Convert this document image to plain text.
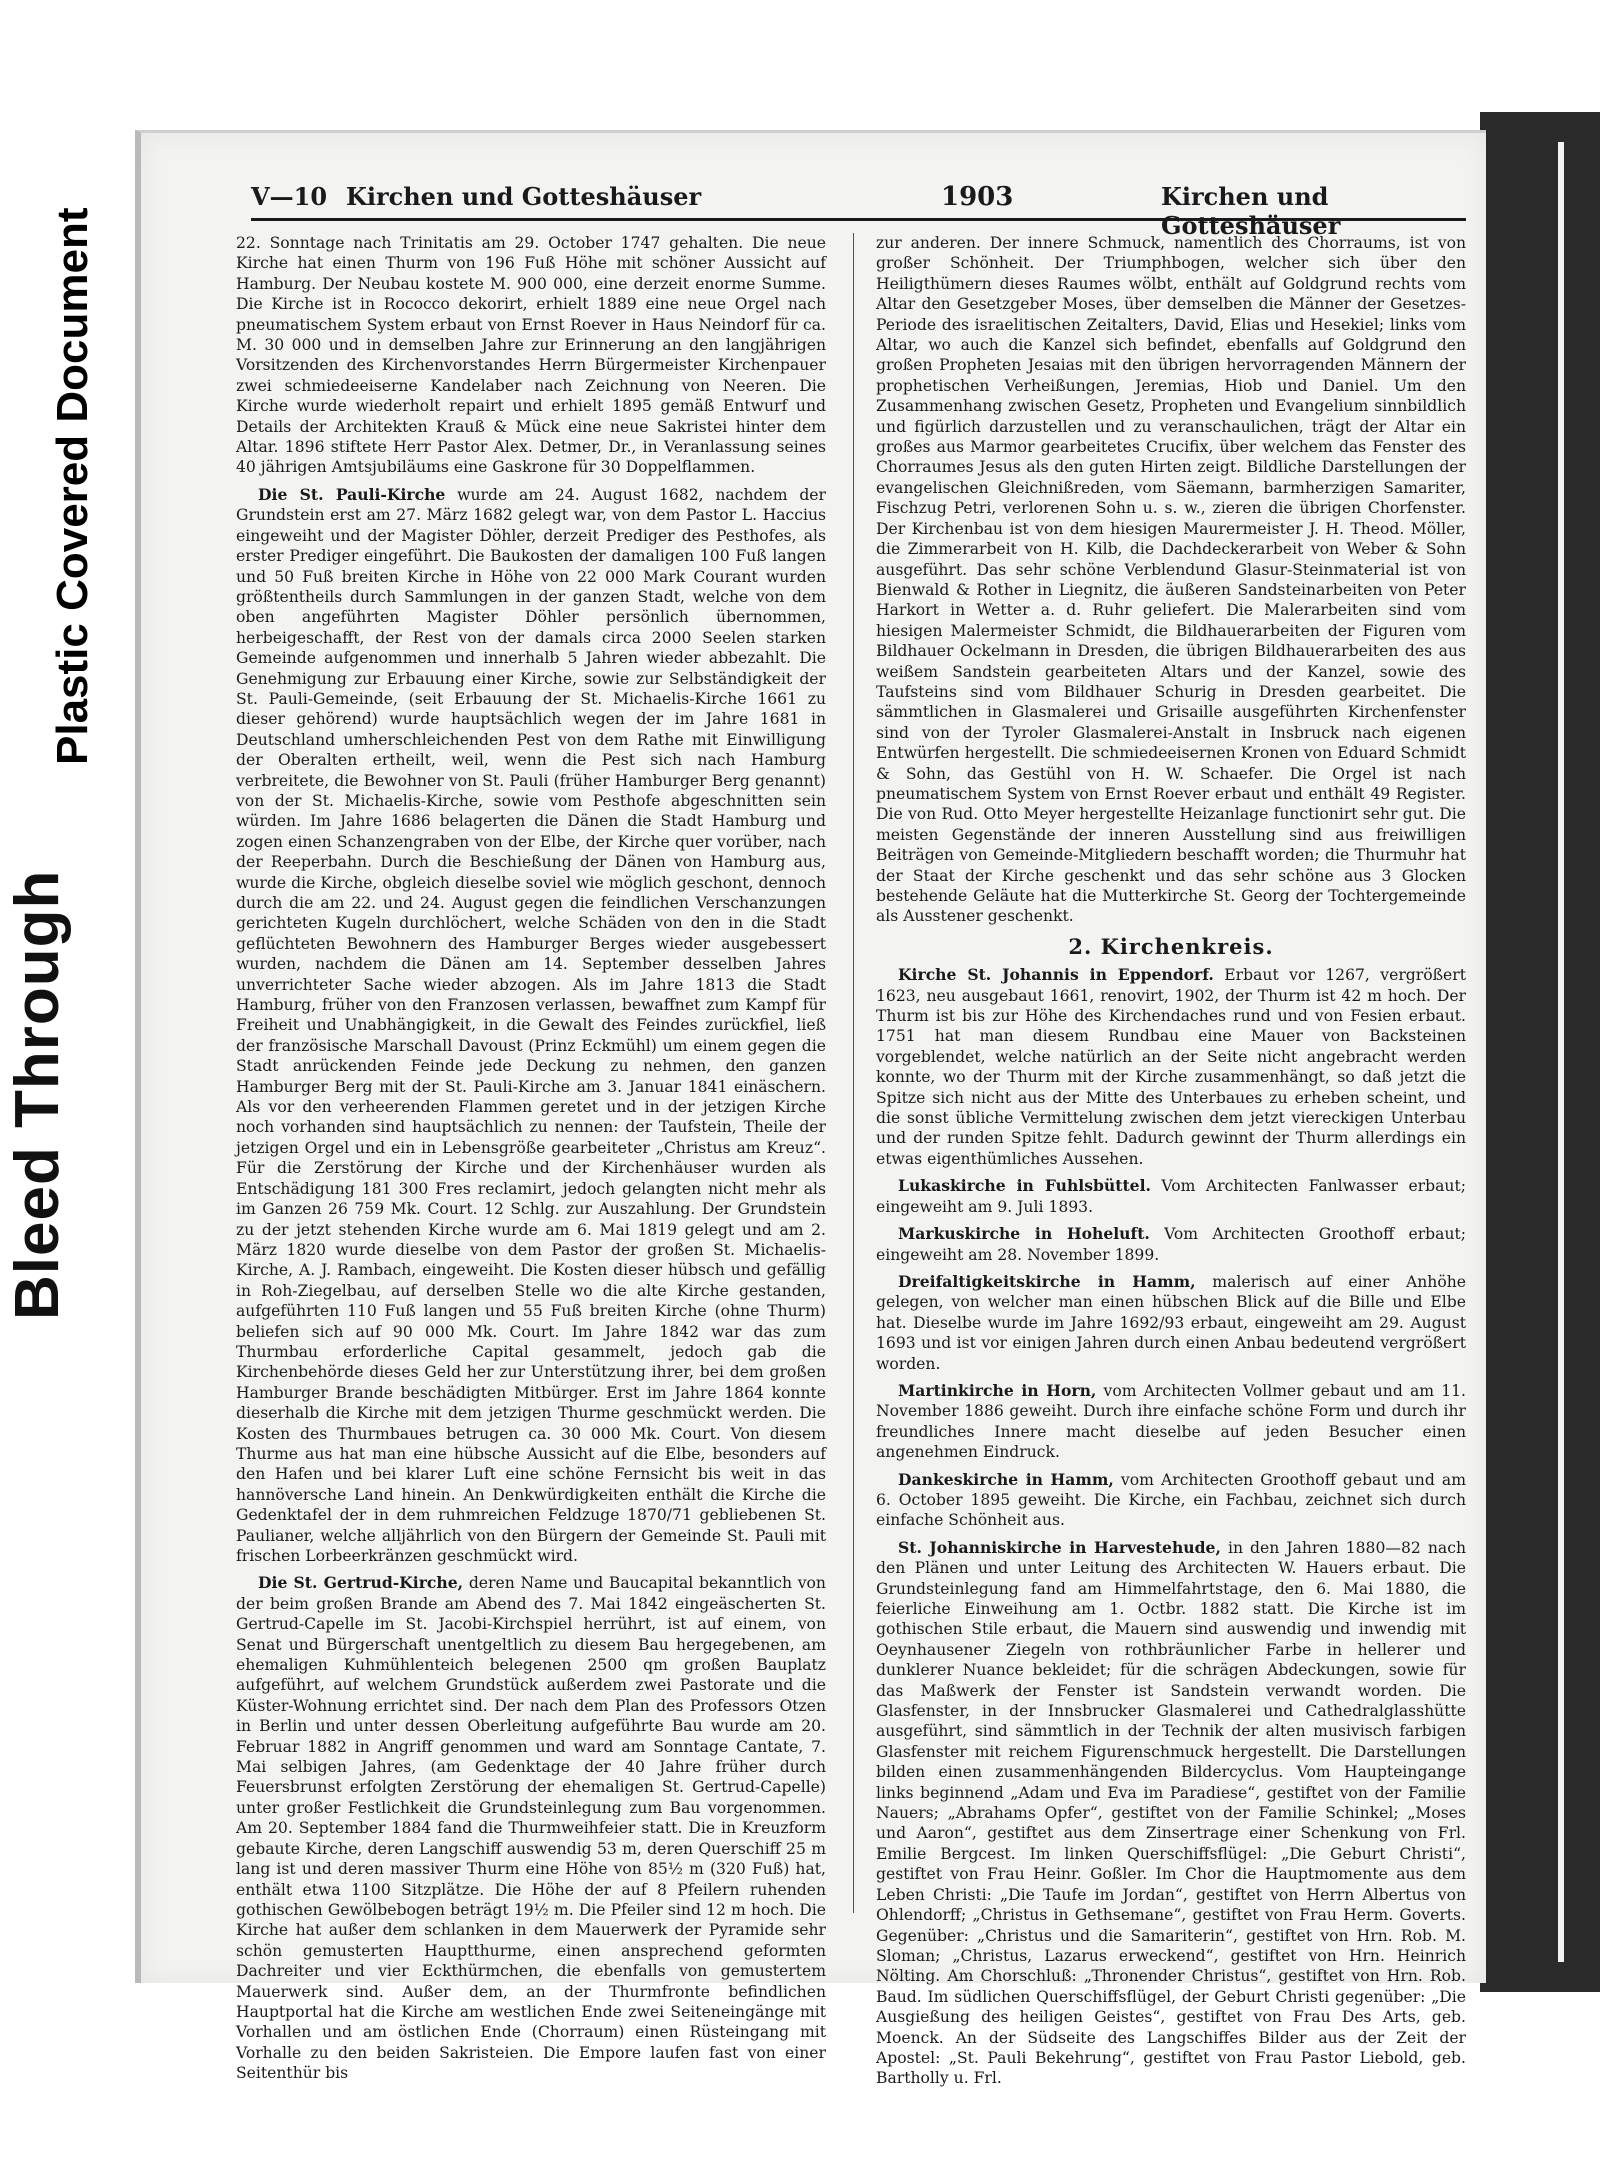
Plastic Covered Document
Bleed Through
V—10 Kirchen und Gotteshäuser	1903	Kirchen und Gotteshäuser

22. Sonntage nach Trinitatis am 29. October 1747 gehalten. Die neue Kirche hat einen Thurm von 196 Fuß Höhe mit schöner Aussicht auf Hamburg. Der Neubau kostete M. 900 000, eine derzeit enorme Summe. Die Kirche ist in Rococco dekorirt, erhielt 1889 eine neue Orgel nach pneumatischem System erbaut von Ernst Roever in Haus Neindorf für ca. M. 30 000 und in demselben Jahre zur Erinnerung an den langjährigen Vorsitzenden des Kirchenvorstandes Herrn Bürgermeister Kirchenpauer zwei schmiedeeiserne Kandelaber nach Zeichnung von Neeren. Die Kirche wurde wiederholt repairt und erhielt 1895 gemäß Entwurf und Details der Architekten Krauß & Mück eine neue Sakristei hinter dem Altar. 1896 stiftete Herr Pastor Alex. Detmer, Dr., in Veranlassung seines 40 jährigen Amtsjubiläums eine Gaskrone für 30 Doppelflammen.

Die St. Pauli-Kirche wurde am 24. August 1682, nachdem der Grundstein erst am 27. März 1682 gelegt war, von dem Pastor L. Haccius eingeweiht und der Magister Döhler, derzeit Prediger des Pesthofes, als erster Prediger eingeführt. Die Baukosten der damaligen 100 Fuß langen und 50 Fuß breiten Kirche in Höhe von 22 000 Mark Courant wurden größtentheils durch Sammlungen in der ganzen Stadt, welche von dem oben angeführten Magister Döhler persönlich übernommen, herbeigeschafft, der Rest von der damals circa 2000 Seelen starken Gemeinde aufgenommen und innerhalb 5 Jahren wieder abbezahlt. Die Genehmigung zur Erbauung einer Kirche, sowie zur Selbständigkeit der St. Pauli-Gemeinde, (seit Erbauung der St. Michaelis-Kirche 1661 zu dieser gehörend) wurde hauptsächlich wegen der im Jahre 1681 in Deutschland umherschleichenden Pest von dem Rathe mit Einwilligung der Oberalten ertheilt, weil, wenn die Pest sich nach Hamburg verbreitete, die Bewohner von St. Pauli (früher Hamburger Berg genannt) von der St. Michaelis-Kirche, sowie vom Pesthofe abgeschnitten sein würden. Im Jahre 1686 belagerten die Dänen die Stadt Hamburg und zogen einen Schanzengraben von der Elbe, der Kirche quer vorüber, nach der Reeperbahn. Durch die Beschießung der Dänen von Hamburg aus, wurde die Kirche, obgleich dieselbe soviel wie möglich geschont, dennoch durch die am 22. und 24. August gegen die feindlichen Verschanzungen gerichteten Kugeln durchlöchert, welche Schäden von den in die Stadt geflüchteten Bewohnern des Hamburger Berges wieder ausgebessert wurden, nachdem die Dänen am 14. September desselben Jahres unverrichteter Sache wieder abzogen. Als im Jahre 1813 die Stadt Hamburg, früher von den Franzosen verlassen, bewaffnet zum Kampf für Freiheit und Unabhängigkeit, in die Gewalt des Feindes zurückfiel, ließ der französische Marschall Davoust (Prinz Eckmühl) um einem gegen die Stadt anrückenden Feinde jede Deckung zu nehmen, den ganzen Hamburger Berg mit der St. Pauli-Kirche am 3. Januar 1841 einäschern. Als vor den verheerenden Flammen geretet und in der jetzigen Kirche noch vorhanden sind hauptsächlich zu nennen: der Taufstein, Theile der jetzigen Orgel und ein in Lebensgröße gearbeiteter „Christus am Kreuz“. Für die Zerstörung der Kirche und der Kirchenhäuser wurden als Entschädigung 181 300 Fres reclamirt, jedoch gelangten nicht mehr als im Ganzen 26 759 Mk. Court. 12 Schlg. zur Auszahlung. Der Grundstein zu der jetzt stehenden Kirche wurde am 6. Mai 1819 gelegt und am 2. März 1820 wurde dieselbe von dem Pastor der großen St. Michaelis-Kirche, A. J. Rambach, eingeweiht. Die Kosten dieser hübsch und gefällig in Roh-Ziegelbau, auf derselben Stelle wo die alte Kirche gestanden, aufgeführten 110 Fuß langen und 55 Fuß breiten Kirche (ohne Thurm) beliefen sich auf 90 000 Mk. Court. Im Jahre 1842 war das zum Thurmbau erforderliche Capital gesammelt, jedoch gab die Kirchenbehörde dieses Geld her zur Unterstützung ihrer, bei dem großen Hamburger Brande beschädigten Mitbürger. Erst im Jahre 1864 konnte dieserhalb die Kirche mit dem jetzigen Thurme geschmückt werden. Die Kosten des Thurmbaues betrugen ca. 30 000 Mk. Court. Von diesem Thurme aus hat man eine hübsche Aussicht auf die Elbe, besonders auf den Hafen und bei klarer Luft eine schöne Fernsicht bis weit in das hannöversche Land hinein. An Denkwürdigkeiten enthält die Kirche die Gedenktafel der in dem ruhmreichen Feldzuge 1870/71 gebliebenen St. Paulianer, welche alljährlich von den Bürgern der Gemeinde St. Pauli mit frischen Lorbeerkränzen geschmückt wird.

Die St. Gertrud-Kirche, deren Name und Baucapital bekanntlich von der beim großen Brande am Abend des 7. Mai 1842 eingeäscherten St. Gertrud-Capelle im St. Jacobi-Kirchspiel herrührt, ist auf einem, von Senat und Bürgerschaft unentgeltlich zu diesem Bau hergegebenen, am ehemaligen Kuhmühlenteich belegenen 2500 qm großen Bauplatz aufgeführt, auf welchem Grundstück außerdem zwei Pastorate und die Küster-Wohnung errichtet sind. Der nach dem Plan des Professors Otzen in Berlin und unter dessen Oberleitung aufgeführte Bau wurde am 20. Februar 1882 in Angriff genommen und ward am Sonntage Cantate, 7. Mai selbigen Jahres, (am Gedenktage der 40 Jahre früher durch Feuersbrunst erfolgten Zerstörung der ehemaligen St. Gertrud-Capelle) unter großer Festlichkeit die Grundsteinlegung zum Bau vorgenommen. Am 20. September 1884 fand die Thurmweihfeier statt. Die in Kreuzform gebaute Kirche, deren Langschiff auswendig 53 m, deren Querschiff 25 m lang ist und deren massiver Thurm eine Höhe von 85½ m (320 Fuß) hat, enthält etwa 1100 Sitzplätze. Die Höhe der auf 8 Pfeilern ruhenden gothischen Gewölbebogen beträgt 19½ m. Die Pfeiler sind 12 m hoch. Die Kirche hat außer dem schlanken in dem Mauerwerk der Pyramide sehr schön gemusterten Hauptthurme, einen ansprechend geformten Dachreiter und vier Eckthürmchen, die ebenfalls von gemustertem Mauerwerk sind. Außer dem, an der Thurmfronte befindlichen Hauptportal hat die Kirche am westlichen Ende zwei Seiteneingänge mit Vorhallen und am östlichen Ende (Chorraum) einen Rüsteingang mit Vorhalle zu den beiden Sakristeien. Die Empore laufen fast von einer Seitenthür bis

zur anderen. Der innere Schmuck, namentlich des Chorraums, ist von großer Schönheit. Der Triumphbogen, welcher sich über den Heiligthümern dieses Raumes wölbt, enthält auf Goldgrund rechts vom Altar den Gesetzgeber Moses, über demselben die Männer der Gesetzes-Periode des israelitischen Zeitalters, David, Elias und Hesekiel; links vom Altar, wo auch die Kanzel sich befindet, ebenfalls auf Goldgrund den großen Propheten Jesaias mit den übrigen hervorragenden Männern der prophetischen Verheißungen, Jeremias, Hiob und Daniel. Um den Zusammenhang zwischen Gesetz, Propheten und Evangelium sinnbildlich und figürlich darzustellen und zu veranschaulichen, trägt der Altar ein großes aus Marmor gearbeitetes Crucifix, über welchem das Fenster des Chorraumes Jesus als den guten Hirten zeigt. Bildliche Darstellungen der evangelischen Gleichnißreden, vom Säemann, barmherzigen Samariter, Fischzug Petri, verlorenen Sohn u. s. w., zieren die übrigen Chorfenster. Der Kirchenbau ist von dem hiesigen Maurermeister J. H. Theod. Möller, die Zimmerarbeit von H. Kilb, die Dachdeckerarbeit von Weber & Sohn ausgeführt. Das sehr schöne Verblendund Glasur-Steinmaterial ist von Bienwald & Rother in Liegnitz, die äußeren Sandsteinarbeiten von Peter Harkort in Wetter a. d. Ruhr geliefert. Die Malerarbeiten sind vom hiesigen Malermeister Schmidt, die Bildhauerarbeiten der Figuren vom Bildhauer Ockelmann in Dresden, die übrigen Bildhauerarbeiten des aus weißem Sandstein gearbeiteten Altars und der Kanzel, sowie des Taufsteins sind vom Bildhauer Schurig in Dresden gearbeitet. Die sämmtlichen in Glasmalerei und Grisaille ausgeführten Kirchenfenster sind von der Tyroler Glasmalerei-Anstalt in Insbruck nach eigenen Entwürfen hergestellt. Die schmiedeeisernen Kronen von Eduard Schmidt & Sohn, das Gestühl von H. W. Schaefer. Die Orgel ist nach pneumatischem System von Ernst Roever erbaut und enthält 49 Register. Die von Rud. Otto Meyer hergestellte Heizanlage functionirt sehr gut. Die meisten Gegenstände der inneren Ausstellung sind aus freiwilligen Beiträgen von Gemeinde-Mitgliedern beschafft worden; die Thurmuhr hat der Staat der Kirche geschenkt und das sehr schöne aus 3 Glocken bestehende Geläute hat die Mutterkirche St. Georg der Tochtergemeinde als Ausstener geschenkt.

2. Kirchenkreis.

Kirche St. Johannis in Eppendorf. Erbaut vor 1267, vergrößert 1623, neu ausgebaut 1661, renovirt, 1902, der Thurm ist 42 m hoch. Der Thurm ist bis zur Höhe des Kirchendaches rund und von Fesien erbaut. 1751 hat man diesem Rundbau eine Mauer von Backsteinen vorgeblendet, welche natürlich an der Seite nicht angebracht werden konnte, wo der Thurm mit der Kirche zusammenhängt, so daß jetzt die Spitze sich nicht aus der Mitte des Unterbaues zu erheben scheint, und die sonst übliche Vermittelung zwischen dem jetzt viereckigen Unterbau und der runden Spitze fehlt. Dadurch gewinnt der Thurm allerdings ein etwas eigenthümliches Aussehen.

Lukaskirche in Fuhlsbüttel. Vom Architecten Fanlwasser erbaut; eingeweiht am 9. Juli 1893.

Markuskirche in Hoheluft. Vom Architecten Groothoff erbaut; eingeweiht am 28. November 1899.

Dreifaltigkeitskirche in Hamm, malerisch auf einer Anhöhe gelegen, von welcher man einen hübschen Blick auf die Bille und Elbe hat. Dieselbe wurde im Jahre 1692/93 erbaut, eingeweiht am 29. August 1693 und ist vor einigen Jahren durch einen Anbau bedeutend vergrößert worden.

Martinkirche in Horn, vom Architecten Vollmer gebaut und am 11. November 1886 geweiht. Durch ihre einfache schöne Form und durch ihr freundliches Innere macht dieselbe auf jeden Besucher einen angenehmen Eindruck.

Dankeskirche in Hamm, vom Architecten Groothoff gebaut und am 6. October 1895 geweiht. Die Kirche, ein Fachbau, zeichnet sich durch einfache Schönheit aus.

St. Johanniskirche in Harvestehude, in den Jahren 1880—82 nach den Plänen und unter Leitung des Architecten W. Hauers erbaut. Die Grundsteinlegung fand am Himmelfahrtstage, den 6. Mai 1880, die feierliche Einweihung am 1. Octbr. 1882 statt. Die Kirche ist im gothischen Stile erbaut, die Mauern sind auswendig und inwendig mit Oeynhausener Ziegeln von rothbräunlicher Farbe in hellerer und dunklerer Nuance bekleidet; für die schrägen Abdeckungen, sowie für das Maßwerk der Fenster ist Sandstein verwandt worden. Die Glasfenster, in der Innsbrucker Glasmalerei und Cathedralglasshütte ausgeführt, sind sämmtlich in der Technik der alten musivisch farbigen Glasfenster mit reichem Figurenschmuck hergestellt. Die Darstellungen bilden einen zusammenhängenden Bildercyclus. Vom Haupteingange links beginnend „Adam und Eva im Paradiese“, gestiftet von der Familie Nauers; „Abrahams Opfer“, gestiftet von der Familie Schinkel; „Moses und Aaron“, gestiftet aus dem Zinsertrage einer Schenkung von Frl. Emilie Bergcest. Im linken Querschiffsflügel: „Die Geburt Christi“, gestiftet von Frau Heinr. Goßler. Im Chor die Hauptmomente aus dem Leben Christi: „Die Taufe im Jordan“, gestiftet von Herrn Albertus von Ohlendorff; „Christus in Gethsemane“, gestiftet von Frau Herm. Goverts. Gegenüber: „Christus und die Samariterin“, gestiftet von Hrn. Rob. M. Sloman; „Christus, Lazarus erweckend“, gestiftet von Hrn. Heinrich Nölting. Am Chorschluß: „Thronender Christus“, gestiftet von Hrn. Rob. Baud. Im südlichen Querschiffsflügel, der Geburt Christi gegenüber: „Die Ausgießung des heiligen Geistes“, gestiftet von Frau Des Arts, geb. Moenck. An der Südseite des Langschiffes Bilder aus der Zeit der Apostel: „St. Pauli Bekehrung“, gestiftet von Frau Pastor Liebold, geb. Bartholly u. Frl.
